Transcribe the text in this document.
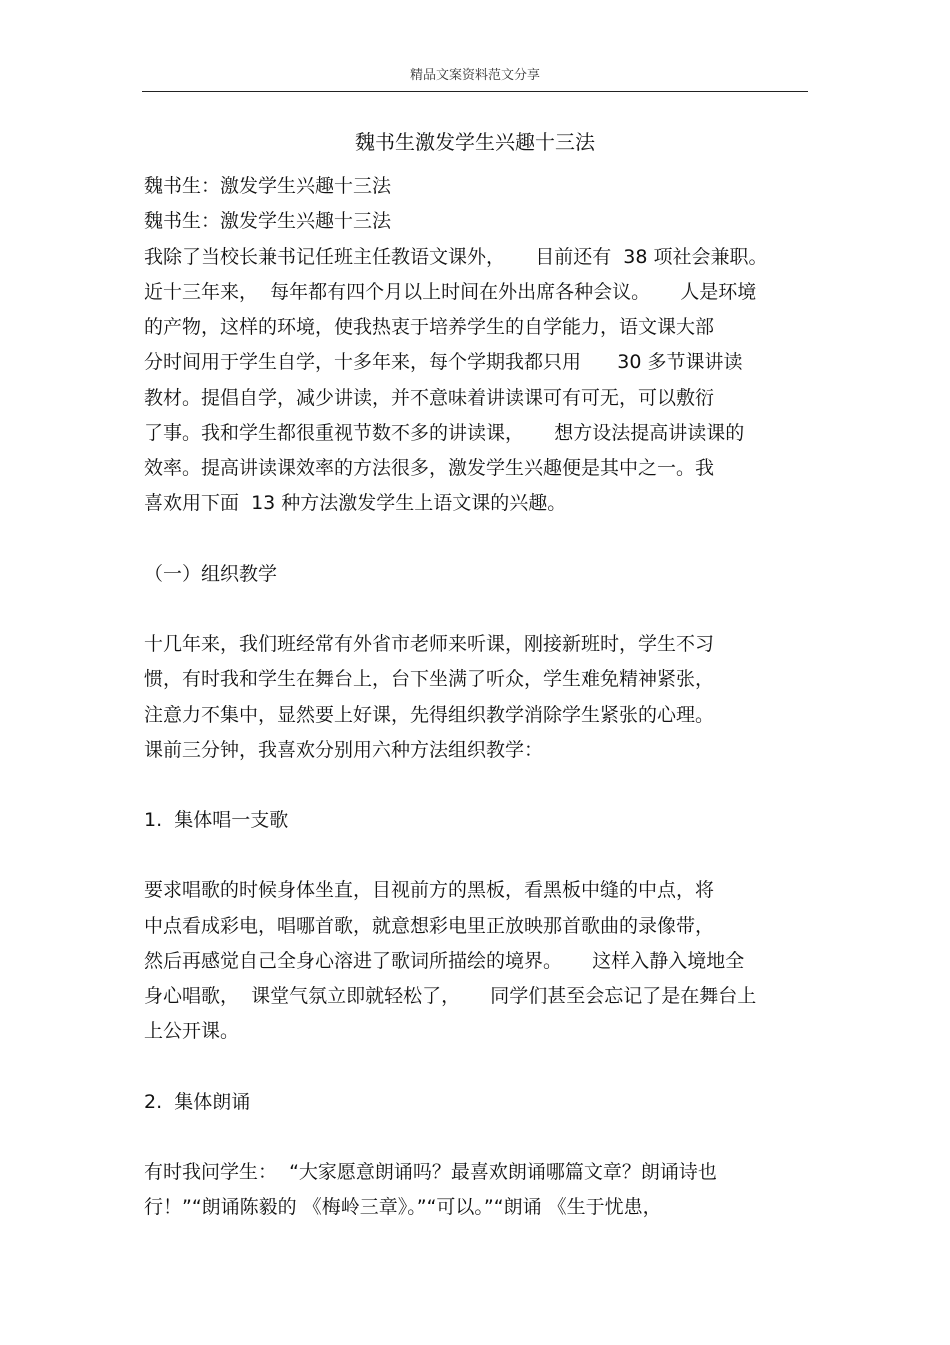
精品文案资料范文分享
魏书生激发学生兴趣十三法
魏书生：激发学生兴趣十三法
魏书生：激发学生兴趣十三法
我除了当校长兼书记任班主任教语文课外，     目前还有  38 项社会兼职。
近十三年来，  每年都有四个月以上时间在外出席各种会议。     人是环境
的产物，这样的环境，使我热衷于培养学生的自学能力，语文课大部
分时间用于学生自学，十多年来，每个学期我都只用      30 多节课讲读
教材。提倡自学，减少讲读，并不意味着讲读课可有可无，可以敷衍
了事。我和学生都很重视节数不多的讲读课，     想方设法提高讲读课的
效率。提高讲读课效率的方法很多，激发学生兴趣便是其中之一。我
喜欢用下面  13 种方法激发学生上语文课的兴趣。
（一）组织教学
十几年来，我们班经常有外省市老师来听课，刚接新班时，学生不习
惯，有时我和学生在舞台上，台下坐满了听众，学生难免精神紧张，
注意力不集中，显然要上好课，先得组织教学消除学生紧张的心理。
课前三分钟，我喜欢分别用六种方法组织教学：
1.  集体唱一支歌
要求唱歌的时候身体坐直，目视前方的黑板，看黑板中缝的中点，将
中点看成彩电，唱哪首歌，就意想彩电里正放映那首歌曲的录像带，
然后再感觉自己全身心溶进了歌词所描绘的境界。     这样入静入境地全
身心唱歌，  课堂气氛立即就轻松了，     同学们甚至会忘记了是在舞台上
上公开课。
2.  集体朗诵
有时我问学生：  “大家愿意朗诵吗？最喜欢朗诵哪篇文章？朗诵诗也
行！”“朗诵陈毅的 《梅岭三章》。”“可以。”“朗诵 《生于忧患，
